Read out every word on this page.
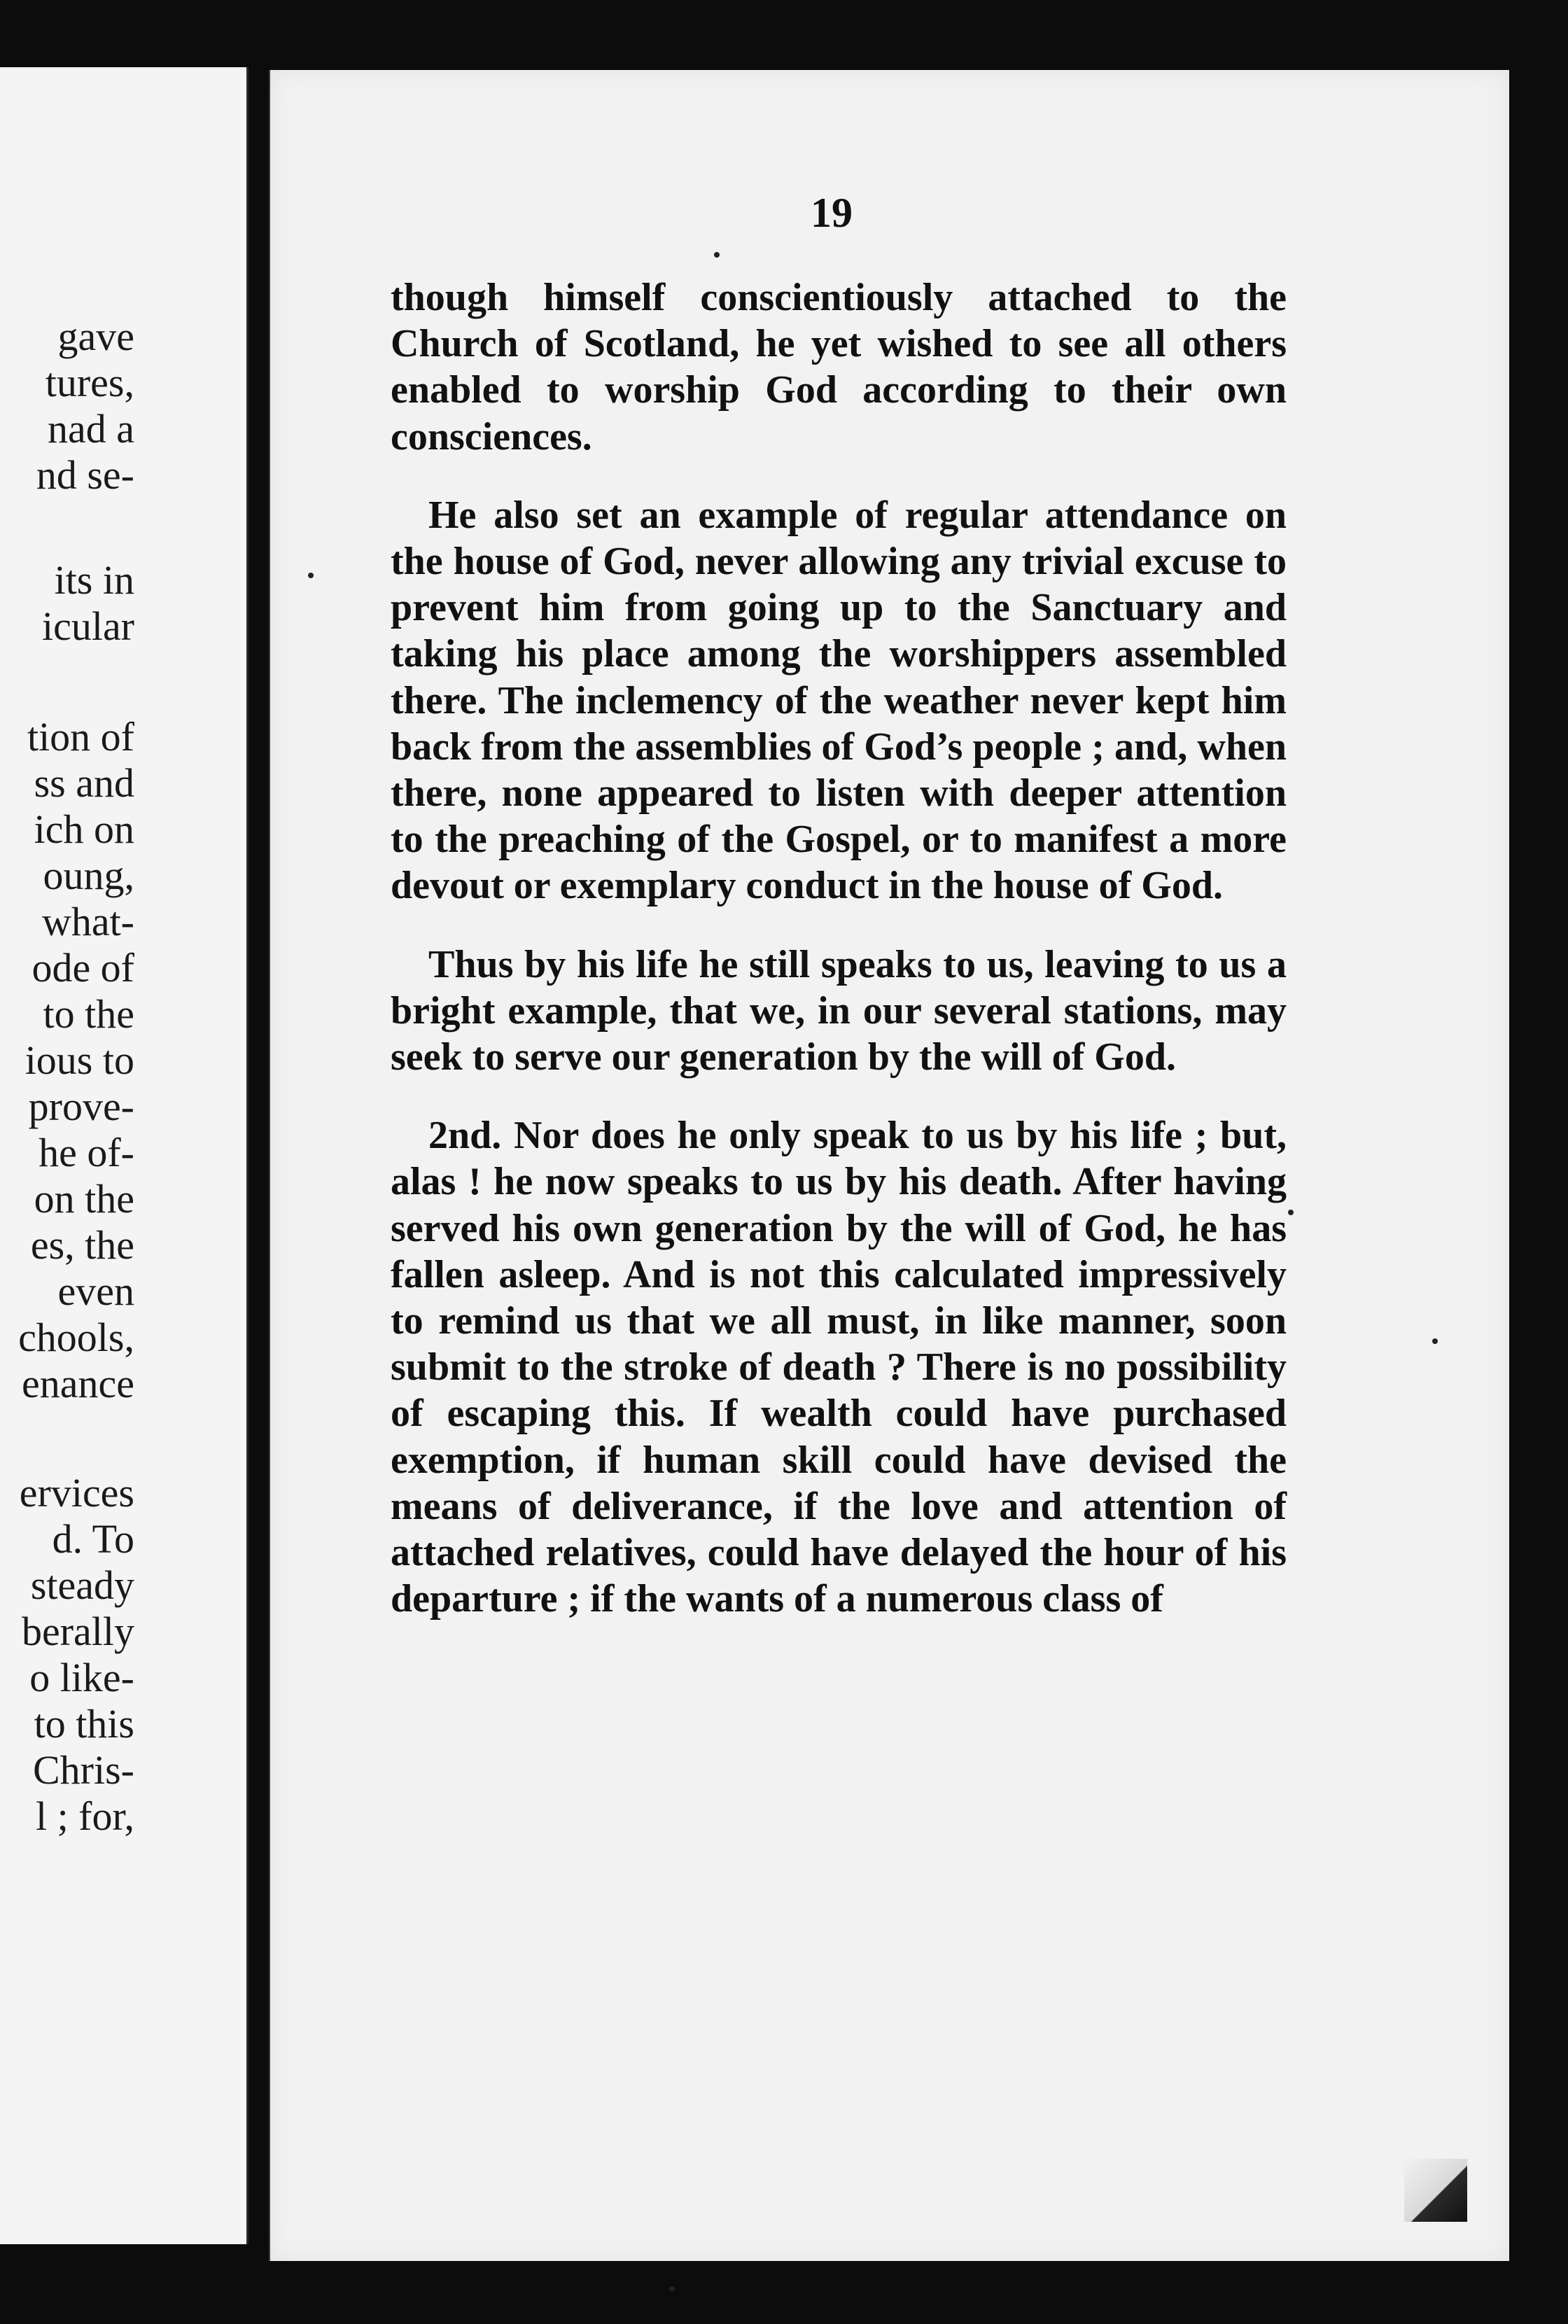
gave
tures,
nad a
nd se-
its in
icular
tion of
ss and
ich on
oung,
what-
ode of
to the
ious to
prove-
he of-
on the
es, the
even
chools,
enance
ervices
d. To
steady
berally
o like-
to this
Chris-
l ; for,
19

though himself conscientiously attached to the Church of Scotland, he yet wished to see all others enabled to worship God according to their own consciences.

He also set an example of regular attendance on the house of God, never allowing any trivial excuse to prevent him from going up to the Sanctuary and taking his place among the worshippers assembled there. The inclemency of the weather never kept him back from the assemblies of God’s people ; and, when there, none appeared to listen with deeper attention to the preaching of the Gospel, or to manifest a more devout or exemplary conduct in the house of God.

Thus by his life he still speaks to us, leaving to us a bright example, that we, in our several stations, may seek to serve our generation by the will of God.

2nd. Nor does he only speak to us by his life ; but, alas ! he now speaks to us by his death. After having served his own generation by the will of God, he has fallen asleep. And is not this calculated impressively to remind us that we all must, in like manner, soon submit to the stroke of death ? There is no possibility of escaping this. If wealth could have purchased exemption, if human skill could have devised the means of deliverance, if the love and attention of attached relatives, could have delayed the hour of his departure ; if the wants of a numerous class of
